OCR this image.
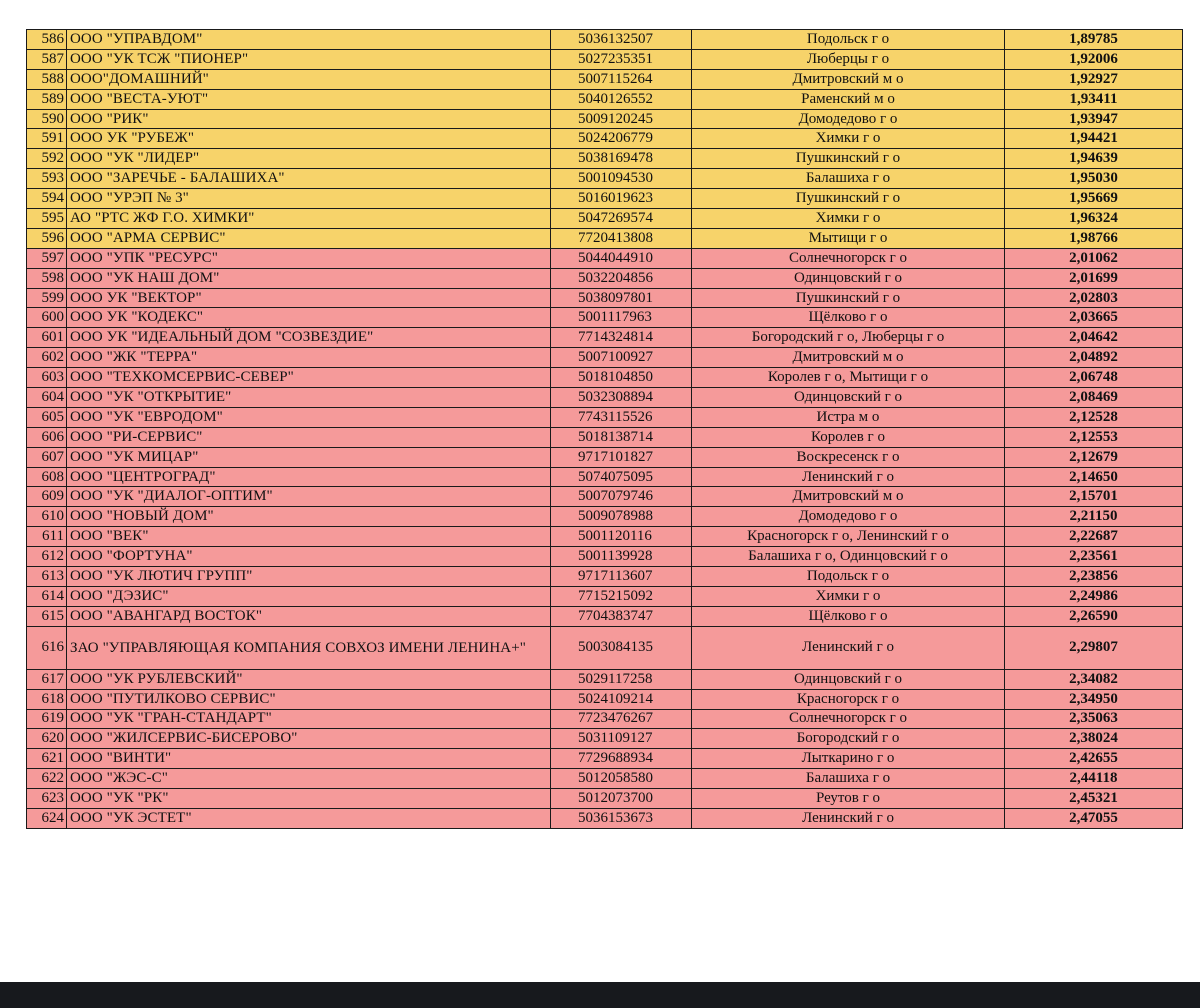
586	ООО "УПРАВДОМ"	5036132507	Подольск г о	1,89785
587	ООО "УК ТСЖ "ПИОНЕР"	5027235351	Люберцы г о	1,92006
588	ООО"ДОМАШНИЙ"	5007115264	Дмитровский м о	1,92927
589	ООО "ВЕСТА-УЮТ"	5040126552	Раменский м о	1,93411
590	ООО "РИК"	5009120245	Домодедово г о	1,93947
591	ООО УК "РУБЕЖ"	5024206779	Химки г о	1,94421
592	ООО "УК "ЛИДЕР"	5038169478	Пушкинский г о	1,94639
593	ООО "ЗАРЕЧЬЕ - БАЛАШИХА"	5001094530	Балашиха г о	1,95030
594	ООО "УРЭП № 3"	5016019623	Пушкинский г о	1,95669
595	АО "РТС ЖФ Г.О. ХИМКИ"	5047269574	Химки г о	1,96324
596	ООО "АРМА СЕРВИС"	7720413808	Мытищи г о	1,98766
597	ООО "УПК "РЕСУРС"	5044044910	Солнечногорск г о	2,01062
598	ООО "УК НАШ ДОМ"	5032204856	Одинцовский г о	2,01699
599	ООО УК "ВЕКТОР"	5038097801	Пушкинский г о	2,02803
600	ООО УК "КОДЕКС"	5001117963	Щёлково г о	2,03665
601	ООО УК "ИДЕАЛЬНЫЙ ДОМ "СОЗВЕЗДИЕ"	7714324814	Богородский г о, Люберцы г о	2,04642
602	ООО "ЖК "ТЕРРА"	5007100927	Дмитровский м о	2,04892
603	ООО "ТЕХКОМСЕРВИС-СЕВЕР"	5018104850	Королев г о, Мытищи г о	2,06748
604	ООО "УК "ОТКРЫТИЕ"	5032308894	Одинцовский г о	2,08469
605	ООО "УК "ЕВРОДОМ"	7743115526	Истра м о	2,12528
606	ООО "РИ-СЕРВИС"	5018138714	Королев г о	2,12553
607	ООО "УК МИЦАР"	9717101827	Воскресенск г о	2,12679
608	ООО "ЦЕНТРОГРАД"	5074075095	Ленинский г о	2,14650
609	ООО "УК "ДИАЛОГ-ОПТИМ"	5007079746	Дмитровский м о	2,15701
610	ООО "НОВЫЙ ДОМ"	5009078988	Домодедово г о	2,21150
611	ООО "ВЕК"	5001120116	Красногорск г о, Ленинский г о	2,22687
612	ООО "ФОРТУНА"	5001139928	Балашиха г о, Одинцовский г о	2,23561
613	ООО "УК ЛЮТИЧ ГРУПП"	9717113607	Подольск г о	2,23856
614	ООО "ДЭЗИС"	7715215092	Химки г о	2,24986
615	ООО "АВАНГАРД ВОСТОК"	7704383747	Щёлково г о	2,26590
616	ЗАО "УПРАВЛЯЮЩАЯ КОМПАНИЯ СОВХОЗ ИМЕНИ ЛЕНИНА+"	5003084135	Ленинский г о	2,29807
617	ООО "УК РУБЛЕВСКИЙ"	5029117258	Одинцовский г о	2,34082
618	ООО "ПУТИЛКОВО СЕРВИС"	5024109214	Красногорск г о	2,34950
619	ООО "УК "ГРАН-СТАНДАРТ"	7723476267	Солнечногорск г о	2,35063
620	ООО "ЖИЛСЕРВИС-БИСЕРОВО"	5031109127	Богородский г о	2,38024
621	ООО "ВИНТИ"	7729688934	Лыткарино г о	2,42655
622	ООО "ЖЭС-С"	5012058580	Балашиха г о	2,44118
623	ООО "УК "РК"	5012073700	Реутов г о	2,45321
624	ООО "УК ЭСТЕТ"	5036153673	Ленинский г о	2,47055
